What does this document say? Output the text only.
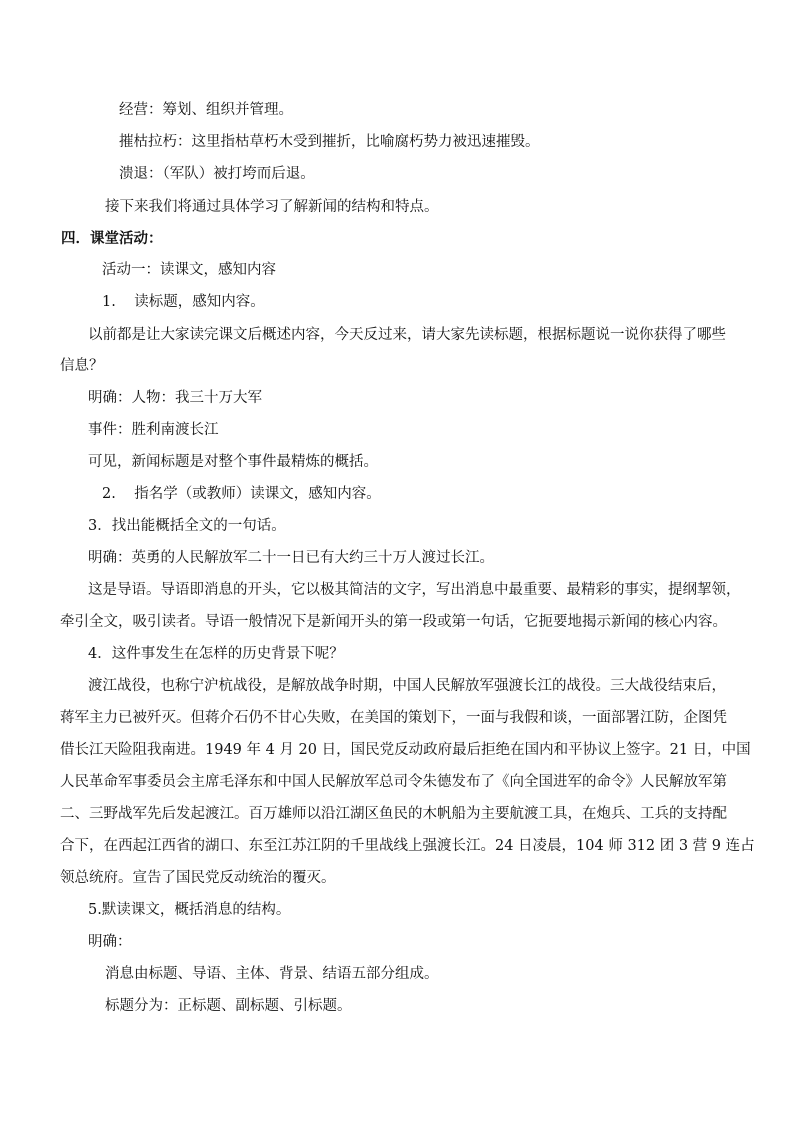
经营：筹划、组织并管理。
摧枯拉朽：这里指枯草朽木受到摧折，比喻腐朽势力被迅速摧毁。
溃退：（军队）被打垮而后退。
接下来我们将通过具体学习了解新闻的结构和特点。
四．课堂活动：
活动一：读课文，感知内容
1.    读标题，感知内容。
以前都是让大家读完课文后概述内容，今天反过来，请大家先读标题，根据标题说一说你获得了哪些
信息？
明确：人物：我三十万大军
事件：胜利南渡长江
可见，新闻标题是对整个事件最精炼的概括。
2.    指名学（或教师）读课文，感知内容。
3．找出能概括全文的一句话。
明确：英勇的人民解放军二十一日已有大约三十万人渡过长江。
这是导语。导语即消息的开头，它以极其简洁的文字，写出消息中最重要、最精彩的事实，提纲挈领，
牵引全文，吸引读者。导语一般情况下是新闻开头的第一段或第一句话，它扼要地揭示新闻的核心内容。
4．这件事发生在怎样的历史背景下呢？
渡江战役，也称宁沪杭战役，是解放战争时期，中国人民解放军强渡长江的战役。三大战役结束后，
蒋军主力已被歼灭。但蒋介石仍不甘心失败，在美国的策划下，一面与我假和谈，一面部署江防，企图凭
借长江天险阻我南进。1949 年 4 月 20 日，国民党反动政府最后拒绝在国内和平协议上签字。21 日，中国
人民革命军事委员会主席毛泽东和中国人民解放军总司令朱德发布了《向全国进军的命令》人民解放军第
二、三野战军先后发起渡江。百万雄师以沿江湖区鱼民的木帆船为主要航渡工具，在炮兵、工兵的支持配
合下，在西起江西省的湖口、东至江苏江阴的千里战线上强渡长江。24 日凌晨，104 师 312 团 3 营 9 连占
领总统府。宣告了国民党反动统治的覆灭。
5.默读课文，概括消息的结构。
明确：
消息由标题、导语、主体、背景、结语五部分组成。
标题分为：正标题、副标题、引标题。
